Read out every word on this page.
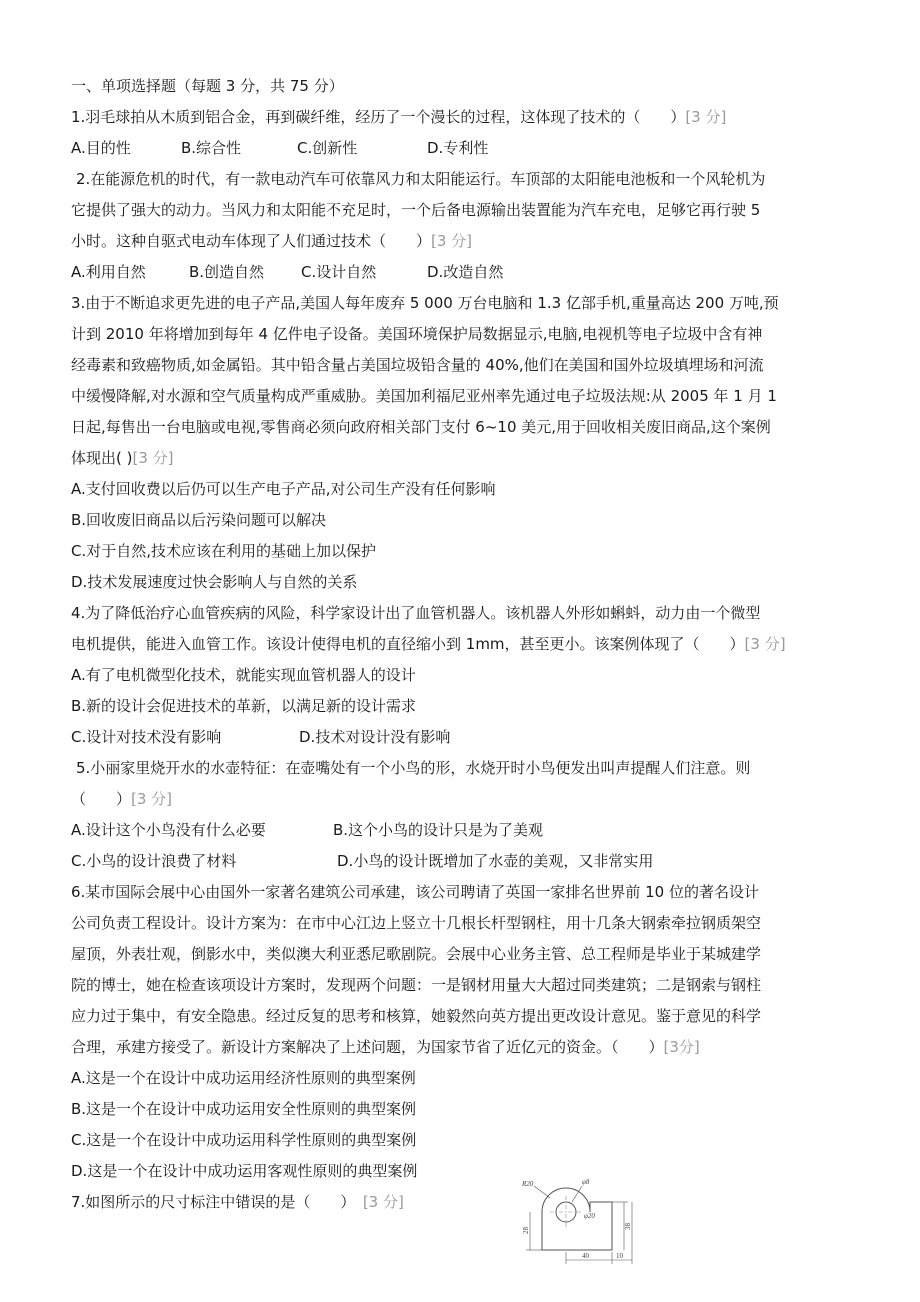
一、单项选择题（每题 3 分，共 75 分）
1.羽毛球拍从木质到铝合金，再到碳纤维，经历了一个漫长的过程，这体现了技术的（　　）[3 分]
A.目的性	B.综合性	C.创新性	D.专利性
2.在能源危机的时代，有一款电动汽车可依靠风力和太阳能运行。车顶部的太阳能电池板和一个风轮机为
它提供了强大的动力。当风力和太阳能不充足时，一个后备电源输出装置能为汽车充电，足够它再行驶 5
小时。这种自驱式电动车体现了人们通过技术（　　）[3 分]
A.利用自然	B.创造自然 C.设计自然	D.改造自然
3.由于不断追求更先进的电子产品,美国人每年废弃 5 000 万台电脑和 1.3 亿部手机,重量高达 200 万吨,预
计到 2010 年将增加到每年 4 亿件电子设备。美国环境保护局数据显示,电脑,电视机等电子垃圾中含有神
经毒素和致癌物质,如金属铅。其中铅含量占美国垃圾铅含量的 40%,他们在美国和国外垃圾填埋场和河流
中缓慢降解,对水源和空气质量构成严重威胁。美国加利福尼亚州率先通过电子垃圾法规:从 2005 年 1 月 1
日起,每售出一台电脑或电视,零售商必须向政府相关部门支付 6~10 美元,用于回收相关废旧商品,这个案例
体现出( )[3 分]
A.支付回收费以后仍可以生产电子产品,对公司生产没有任何影响
B.回收废旧商品以后污染问题可以解决
C.对于自然,技术应该在利用的基础上加以保护
D.技术发展速度过快会影响人与自然的关系
4.为了降低治疗心血管疾病的风险，科学家设计出了血管机器人。该机器人外形如蝌蚪，动力由一个微型
电机提供，能进入血管工作。该设计使得电机的直径缩小到 1mm，甚至更小。该案例体现了（　　）[3 分]
A.有了电机微型化技术，就能实现血管机器人的设计
B.新的设计会促进技术的革新，以满足新的设计需求
C.设计对技术没有影响	D.技术对设计没有影响
5.小丽家里烧开水的水壶特征：在壶嘴处有一个小鸟的形，水烧开时小鸟便发出叫声提醒人们注意。则
（　　）[3 分]
A.设计这个小鸟没有什么必要	B.这个小鸟的设计只是为了美观
C.小鸟的设计浪费了材料	D.小鸟的设计既增加了水壶的美观，又非常实用
6.某市国际会展中心由国外一家著名建筑公司承建，该公司聘请了英国一家排名世界前 10 位的著名设计
公司负责工程设计。设计方案为：在市中心江边上竖立十几根长杆型钢柱，用十几条大钢索牵拉钢质架空
屋顶，外表壮观，倒影水中，类似澳大利亚悉尼歌剧院。会展中心业务主管、总工程师是毕业于某城建学
院的博士，她在检查该项设计方案时，发现两个问题：一是钢材用量大大超过同类建筑；二是钢索与钢柱
应力过于集中，有安全隐患。经过反复的思考和核算，她毅然向英方提出更改设计意见。鉴于意见的科学
合理，承建方接受了。新设计方案解决了上述问题，为国家节省了近亿元的资金。（　　）[3分]
A.这是一个在设计中成功运用经济性原则的典型案例
B.这是一个在设计中成功运用安全性原则的典型案例
C.这是一个在设计中成功运用科学性原则的典型案例
D.这是一个在设计中成功运用客观性原则的典型案例
7.如图所示的尺寸标注中错误的是（　　）  [3 分]
R20	φ8
φ20
28
38
40	10
